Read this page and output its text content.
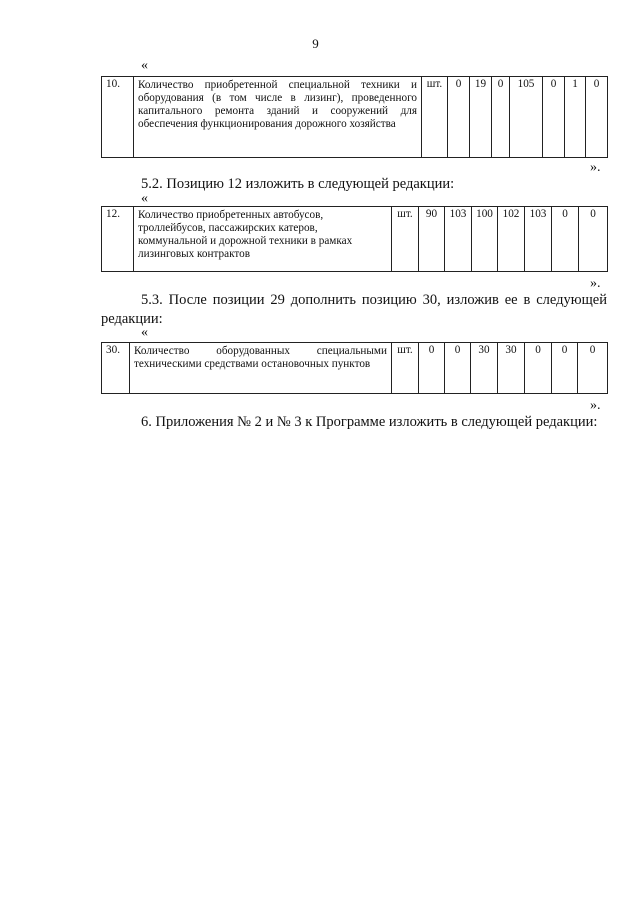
9
«
10.	Количество приобретенной специальной техники и оборудования (в том числе в лизинг), проведенного капитального ремонта зданий и сооружений для обеспечения функционирования дорожного хозяйства	шт.	0	19	0	105	0	1	0
».
5.2. Позицию 12 изложить в следующей редакции:
«
12.	Количество приобретенных автобусов, троллейбусов, пассажирских катеров, коммунальной и дорожной техники в рамках лизинговых контрактов	шт.	90	103	100	102	103	0	0
».
5.3. После позиции 29 дополнить позицию 30, изложив ее в следующей
редакции:
«
30.	Количество оборудованных специальными техническими средствами остановочных пунктов	шт.	0	0	30	30	0	0	0
».
6. Приложения № 2 и № 3 к Программе изложить в следующей редакции:
